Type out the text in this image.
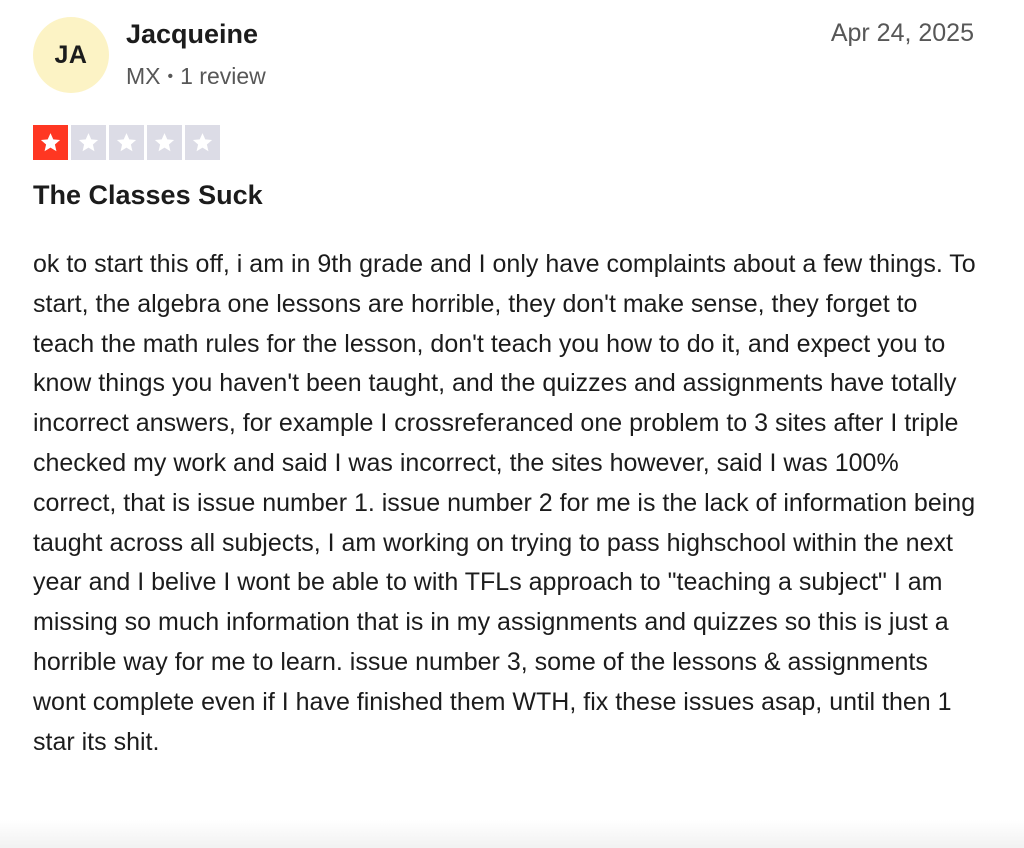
JA
Jacqueine
MX • 1 review
Apr 24, 2025
The Classes Suck

ok to start this off, i am in 9th grade and I only have complaints about a few things. To start, the algebra one lessons are horrible, they don't make sense, they forget to teach the math rules for the lesson, don't teach you how to do it, and expect you to know things you haven't been taught, and the quizzes and assignments have totally incorrect answers, for example I crossreferanced one problem to 3 sites after I triple checked my work and said I was incorrect, the sites however, said I was 100% correct, that is issue number 1. issue number 2 for me is the lack of information being taught across all subjects, I am working on trying to pass highschool within the next year and I belive I wont be able to with TFLs approach to "teaching a subject" I am missing so much information that is in my assignments and quizzes so this is just a horrible way for me to learn. issue number 3, some of the lessons & assignments wont complete even if I have finished them WTH, fix these issues asap, until then 1 star its shit.
